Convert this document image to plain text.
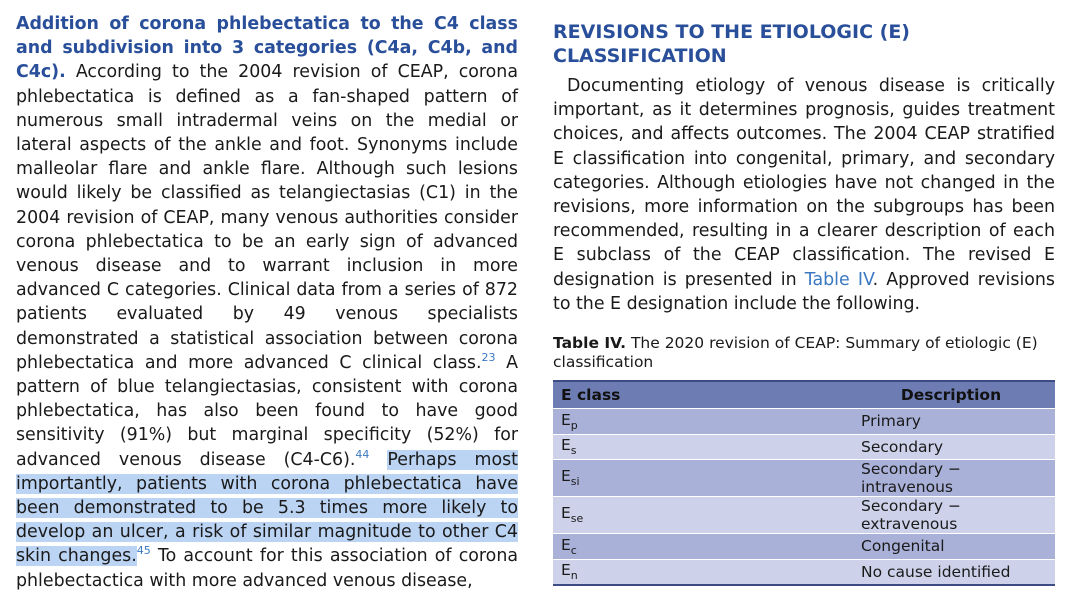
Addition of corona phlebectatica to the C4 class and subdivision into 3 categories (C4a, C4b, and C4c). According to the 2004 revision of CEAP, corona phlebectatica is defined as a fan-shaped pattern of numerous small intradermal veins on the medial or lateral aspects of the ankle and foot. Synonyms include malleolar flare and ankle flare. Although such lesions would likely be classified as telangiectasias (C1) in the 2004 revision of CEAP, many venous authorities consider corona phlebectatica to be an early sign of advanced venous disease and to warrant inclusion in more advanced C categories. Clinical data from a series of 872 patients evaluated by 49 venous specialists demonstrated a statistical association between corona phlebectatica and more advanced C clinical class.$^{23}$ A pattern of blue telangiectasias, consistent with corona phlebectatica, has also been found to have good sensitivity (91%) but marginal specificity (52%) for advanced venous disease (C4-C6).$^{44}$ Perhaps most importantly, patients with corona phlebectatica have been demonstrated to be 5.3 times more likely to develop an ulcer, a risk of similar magnitude to other C4 skin changes.$^{45}$ To account for this association of corona phlebectactica with more advanced venous disease,

REVISIONS TO THE ETIOLOGIC (E) CLASSIFICATION

Documenting etiology of venous disease is critically important, as it determines prognosis, guides treatment choices, and affects outcomes. The 2004 CEAP stratified E classification into congenital, primary, and secondary categories. Although etiologies have not changed in the revisions, more information on the subgroups has been recommended, resulting in a clearer description of each E subclass of the CEAP classification. The revised E designation is presented in Table IV. Approved revisions to the E designation include the following.

Table IV. The 2020 revision of CEAP: Summary of etiologic (E) classification
E class	Description
$E_p$	Primary
$E_s$	Secondary
$E_{si}$	Secondary − intravenous
$E_{se}$	Secondary − extravenous
$E_c$	Congenital
$E_n$	No cause identified
